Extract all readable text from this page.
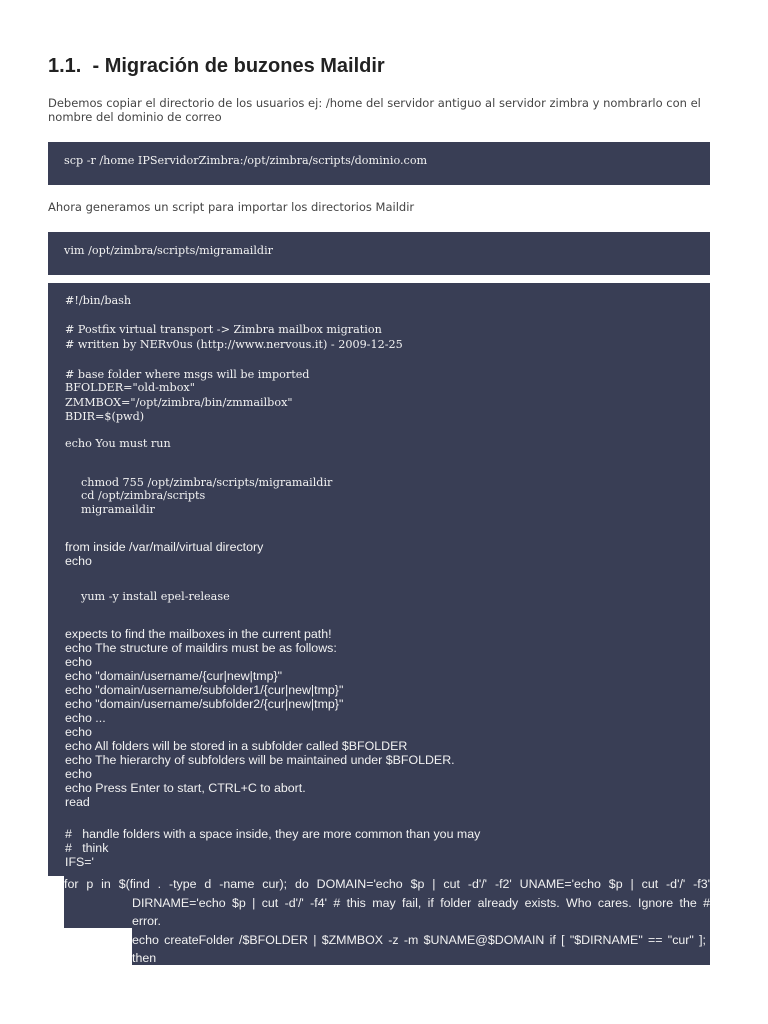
1.1.  - Migración de buzones Maildir

Debemos copiar el directorio de los usuarios ej: /home del servidor antiguo al servidor zimbra y nombrarlo con el nombre del dominio de correo

scp -r /home IPServidorZimbra:/opt/zimbra/scripts/dominio.com

Ahora generamos un script para importar los directorios Maildir

vim /opt/zimbra/scripts/migramaildir
#!/bin/bash
# Postfix virtual transport -> Zimbra mailbox migration
# written by NERv0us (http://www.nervous.it) - 2009-12-25
# base folder where msgs will be imported
BFOLDER="old-mbox"
ZMMBOX="/opt/zimbra/bin/zmmailbox"
BDIR=$(pwd)
echo You must run
chmod 755 /opt/zimbra/scripts/migramaildir
cd /opt/zimbra/scripts
migramaildir
from inside /var/mail/virtual directory
echo
yum -y install epel-release
expects to find the mailboxes in the current path!
echo The structure of maildirs must be as follows:
echo
echo "domain/username/{cur|new|tmp}"
echo "domain/username/subfolder1/{cur|new|tmp}"
echo "domain/username/subfolder2/{cur|new|tmp}"
echo ...
echo
echo All folders will be stored in a subfolder called $BFOLDER
echo The hierarchy of subfolders will be maintained under $BFOLDER.
echo
echo Press Enter to start, CTRL+C to abort.
read
#   handle folders with a space inside, they are more common than you may
#   think
IFS='
for p in $(find . -type d -name cur); do DOMAIN='echo $p | cut -d'/' -f2' UNAME='echo $p | cut -d'/' -f3'
DIRNAME='echo $p | cut -d'/' -f4' # this may fail, if folder already exists. Who cares. Ignore the #
error.
echo createFolder /$BFOLDER | $ZMMBOX -z -m $UNAME@$DOMAIN if [ "$DIRNAME" == "cur" ];
then
